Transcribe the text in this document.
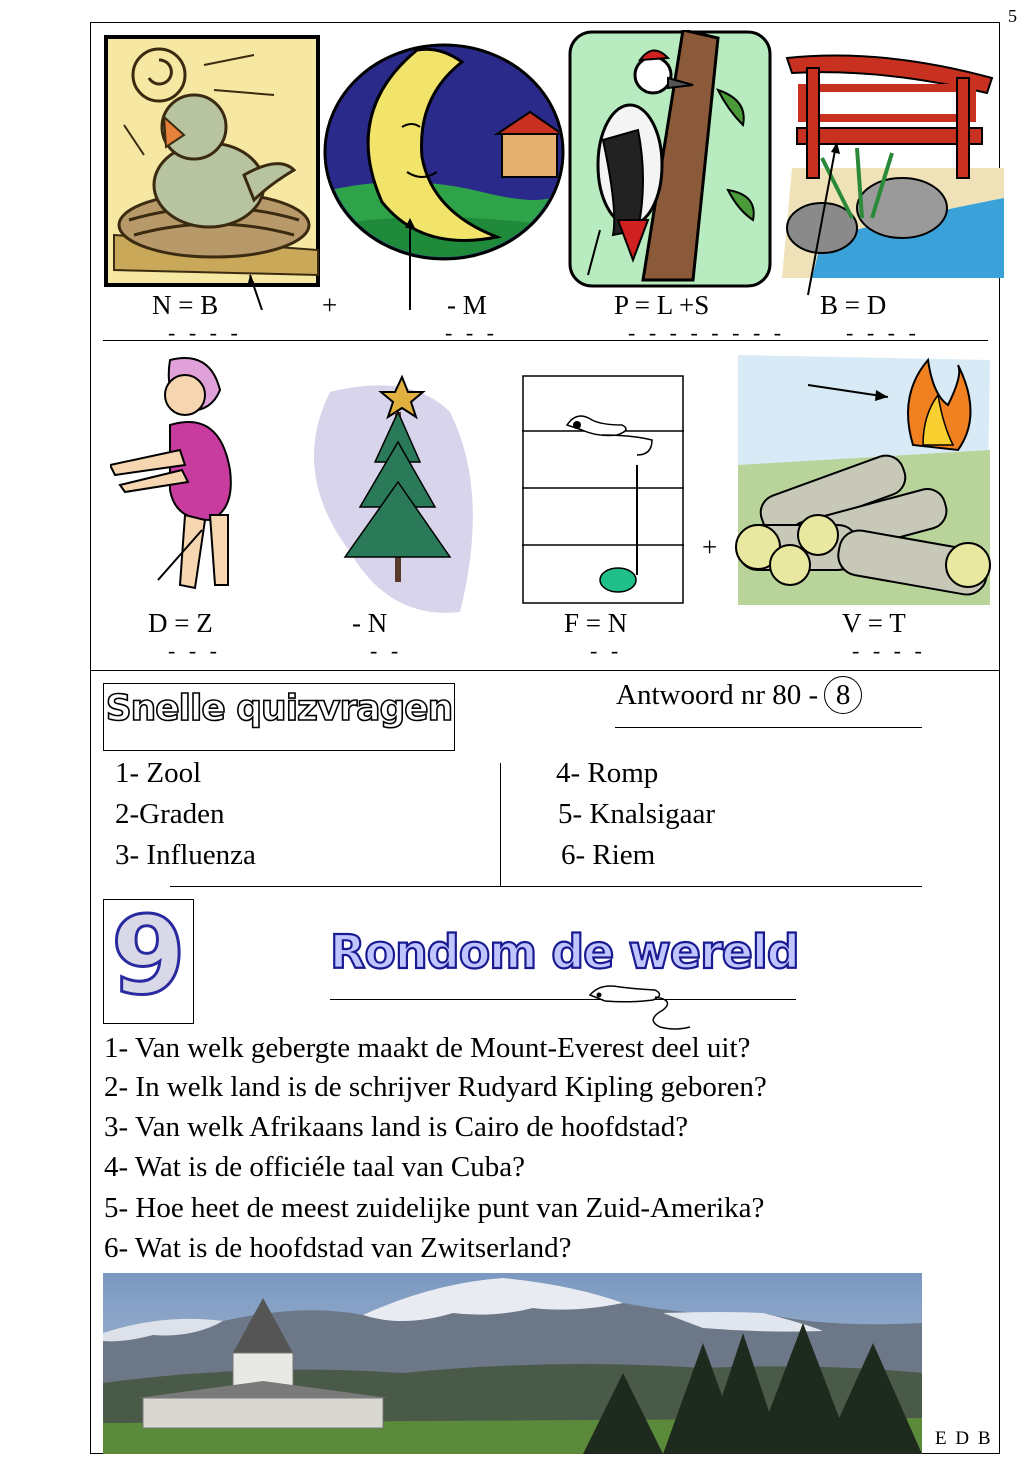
5
N = B
- - - -
+	- M
- - -
P = L +S
- - - - - - - -
B = D
- - - -
+
D = Z
- - -
- N
- -
F = N
- -
V = T
- - - -
Snelle quizvragen	Antwoord nr 80 - 8
1- Zool
2-Graden
3- Influenza
4- Romp
5- Knalsigaar
6- Riem
9	Rondom de wereld
1- Van welk gebergte maakt de Mount-Everest deel uit?
2- In welk land is de schrijver Rudyard Kipling geboren?
3- Van welk Afrikaans land is Cairo de hoofdstad?
4- Wat is de officiéle taal van Cuba?
5- Hoe heet de meest zuidelijke punt van Zuid-Amerika?
6- Wat is de hoofdstad van Zwitserland?
E D B
